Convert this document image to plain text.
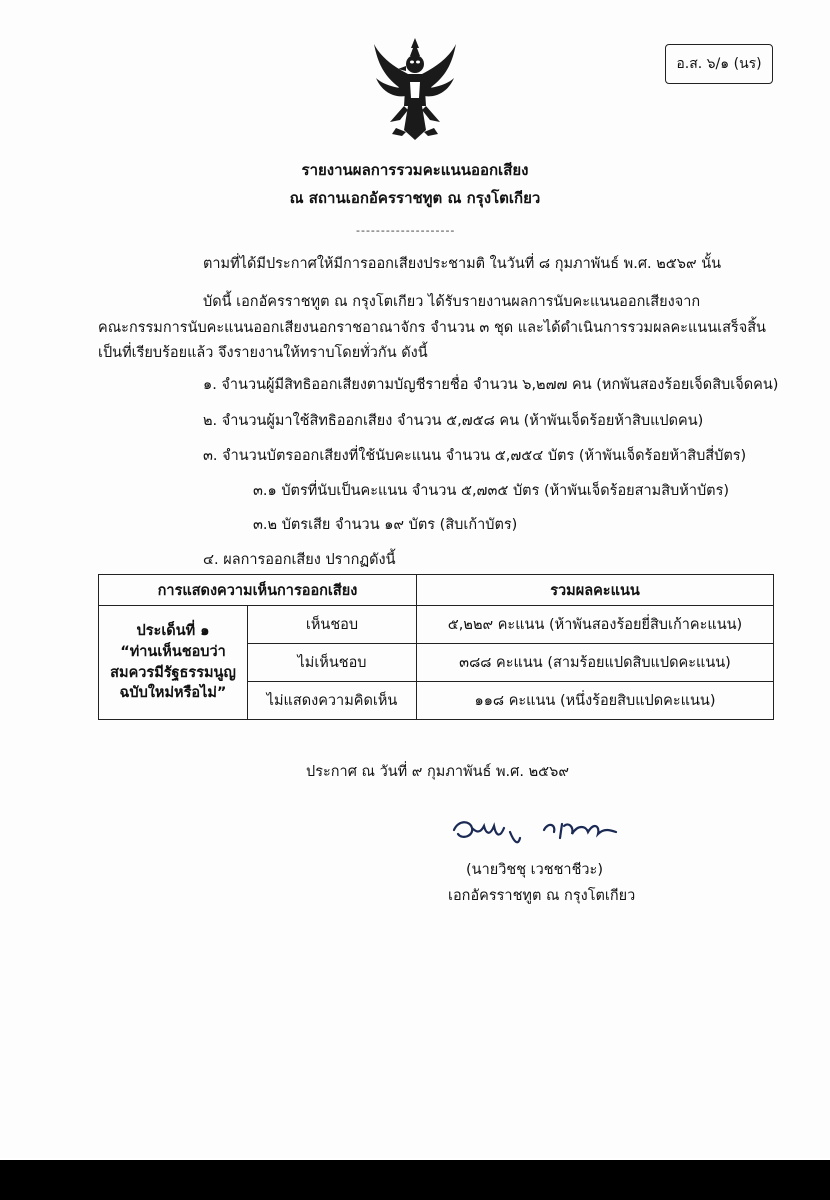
อ.ส. ๖/๑ (นร)
รายงานผลการรวมคะแนนออกเสียง
ณ สถานเอกอัครราชทูต ณ กรุงโตเกียว
--------------------
ตามที่ได้มีประกาศให้มีการออกเสียงประชามติ ในวันที่ ๘ กุมภาพันธ์ พ.ศ. ๒๕๖๙ นั้น
บัดนี้ เอกอัครราชทูต ณ กรุงโตเกียว ได้รับรายงานผลการนับคะแนนออกเสียงจาก
คณะกรรมการนับคะแนนออกเสียงนอกราชอาณาจักร จำนวน ๓ ชุด และได้ดำเนินการรวมผลคะแนนเสร็จสิ้น
เป็นที่เรียบร้อยแล้ว จึงรายงานให้ทราบโดยทั่วกัน ดังนี้
๑. จำนวนผู้มีสิทธิออกเสียงตามบัญชีรายชื่อ จำนวน ๖,๒๗๗ คน (หกพันสองร้อยเจ็ดสิบเจ็ดคน)
๒. จำนวนผู้มาใช้สิทธิออกเสียง จำนวน ๕,๗๕๘ คน (ห้าพันเจ็ดร้อยห้าสิบแปดคน)
๓. จำนวนบัตรออกเสียงที่ใช้นับคะแนน จำนวน ๕,๗๕๔ บัตร (ห้าพันเจ็ดร้อยห้าสิบสี่บัตร)
๓.๑ บัตรที่นับเป็นคะแนน จำนวน ๕,๗๓๕ บัตร (ห้าพันเจ็ดร้อยสามสิบห้าบัตร)
๓.๒ บัตรเสีย จำนวน ๑๙ บัตร (สิบเก้าบัตร)
๔. ผลการออกเสียง ปรากฏดังนี้
การแสดงความเห็นการออกเสียง		รวมผลคะแนน

ประเด็นที่ ๑
“ท่านเห็นชอบว่า
สมควรมีรัฐธรรมนูญ
ฉบับใหม่หรือไม่”	เห็นชอบ	๕,๒๒๙ คะแนน (ห้าพันสองร้อยยี่สิบเก้าคะแนน)
	ไม่เห็นชอบ	๓๘๘ คะแนน (สามร้อยแปดสิบแปดคะแนน)
	ไม่แสดงความคิดเห็น	๑๑๘ คะแนน (หนึ่งร้อยสิบแปดคะแนน)
ประกาศ ณ วันที่ ๙ กุมภาพันธ์ พ.ศ. ๒๕๖๙
(นายวิชชุ เวชชาชีวะ)
เอกอัครราชทูต ณ กรุงโตเกียว
